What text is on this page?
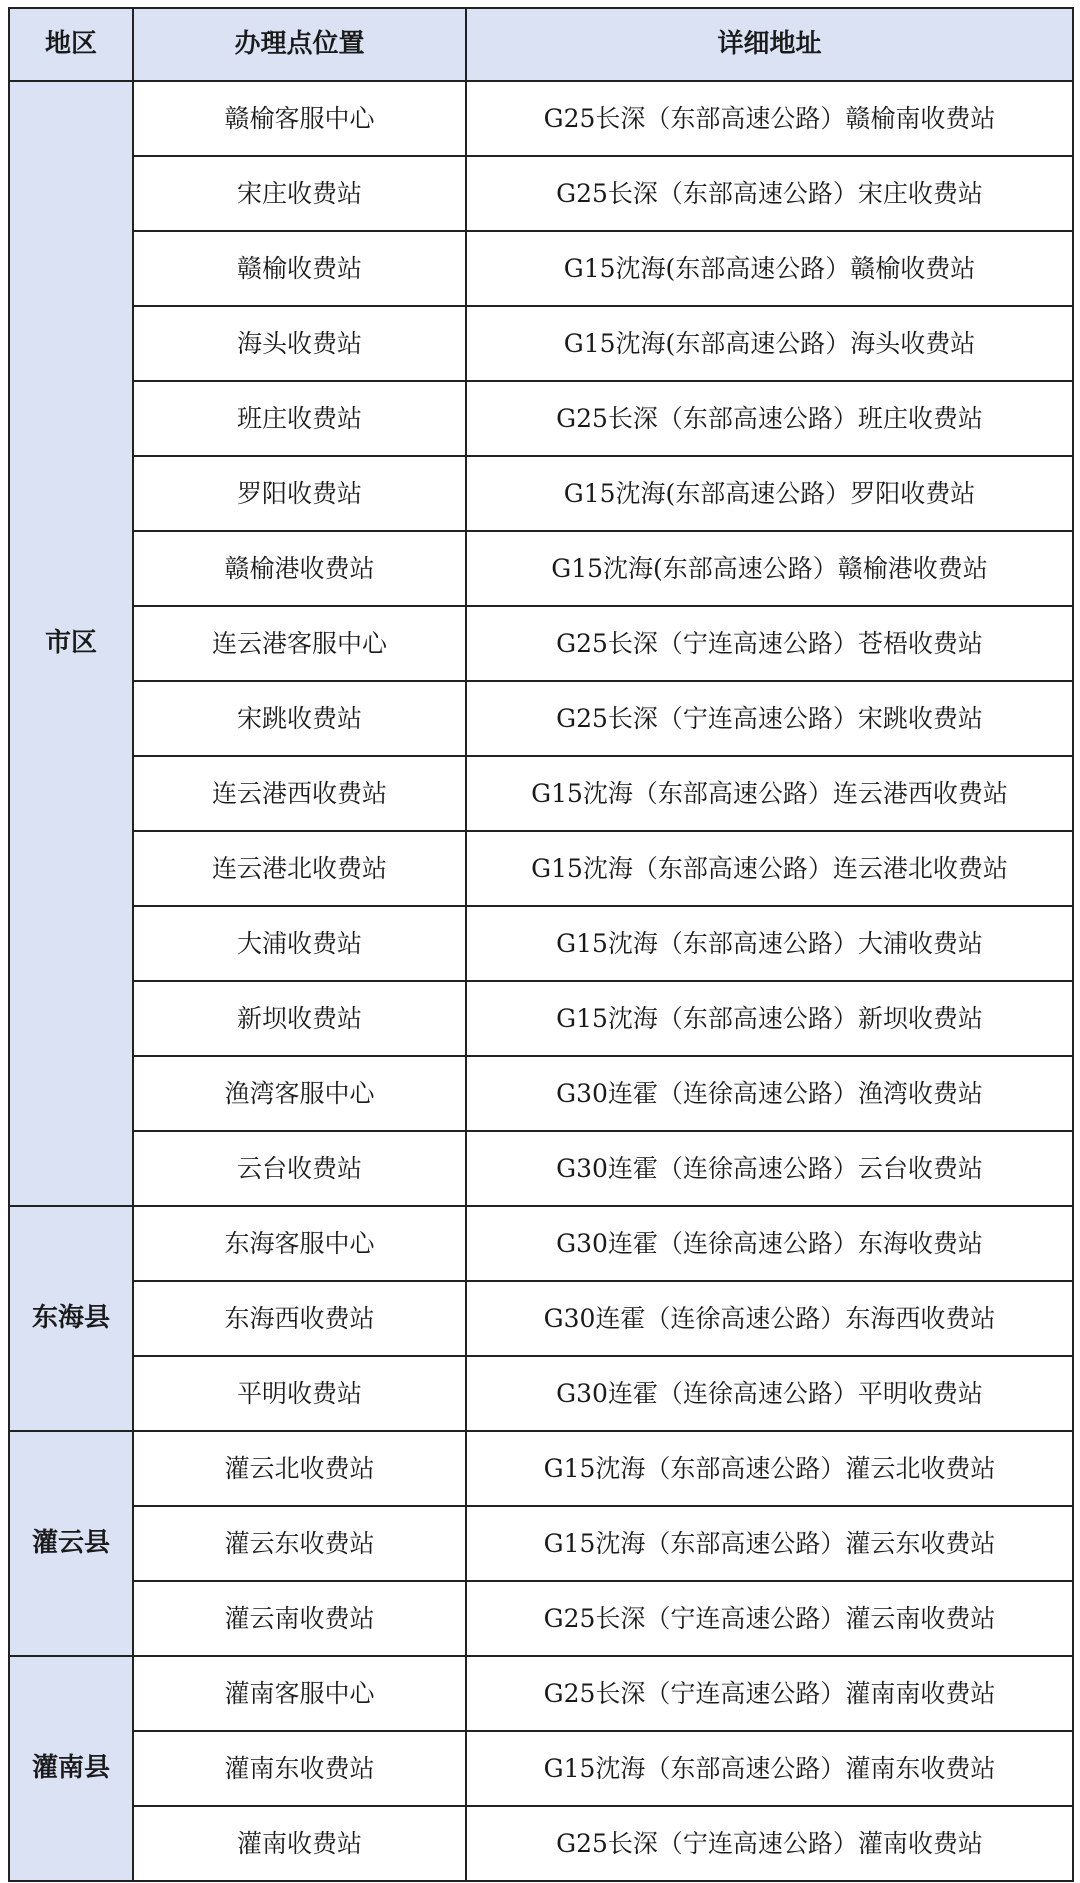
地区	办理点位置	详细地址
市区	赣榆客服中心	G25长深（东部高速公路）赣榆南收费站
	宋庄收费站	G25长深（东部高速公路）宋庄收费站
	赣榆收费站	G15沈海(东部高速公路）赣榆收费站
	海头收费站	G15沈海(东部高速公路）海头收费站
	班庄收费站	G25长深（东部高速公路）班庄收费站
	罗阳收费站	G15沈海(东部高速公路）罗阳收费站
	赣榆港收费站	G15沈海(东部高速公路）赣榆港收费站
	连云港客服中心	G25长深（宁连高速公路）苍梧收费站
	宋跳收费站	G25长深（宁连高速公路）宋跳收费站
	连云港西收费站	G15沈海（东部高速公路）连云港西收费站
	连云港北收费站	G15沈海（东部高速公路）连云港北收费站
	大浦收费站	G15沈海（东部高速公路）大浦收费站
	新坝收费站	G15沈海（东部高速公路）新坝收费站
	渔湾客服中心	G30连霍（连徐高速公路）渔湾收费站
	云台收费站	G30连霍（连徐高速公路）云台收费站
东海县	东海客服中心	G30连霍（连徐高速公路）东海收费站
	东海西收费站	G30连霍（连徐高速公路）东海西收费站
	平明收费站	G30连霍（连徐高速公路）平明收费站
灌云县	灌云北收费站	G15沈海（东部高速公路）灌云北收费站
	灌云东收费站	G15沈海（东部高速公路）灌云东收费站
	灌云南收费站	G25长深（宁连高速公路）灌云南收费站
灌南县	灌南客服中心	G25长深（宁连高速公路）灌南南收费站
	灌南东收费站	G15沈海（东部高速公路）灌南东收费站
	灌南收费站	G25长深（宁连高速公路）灌南收费站
